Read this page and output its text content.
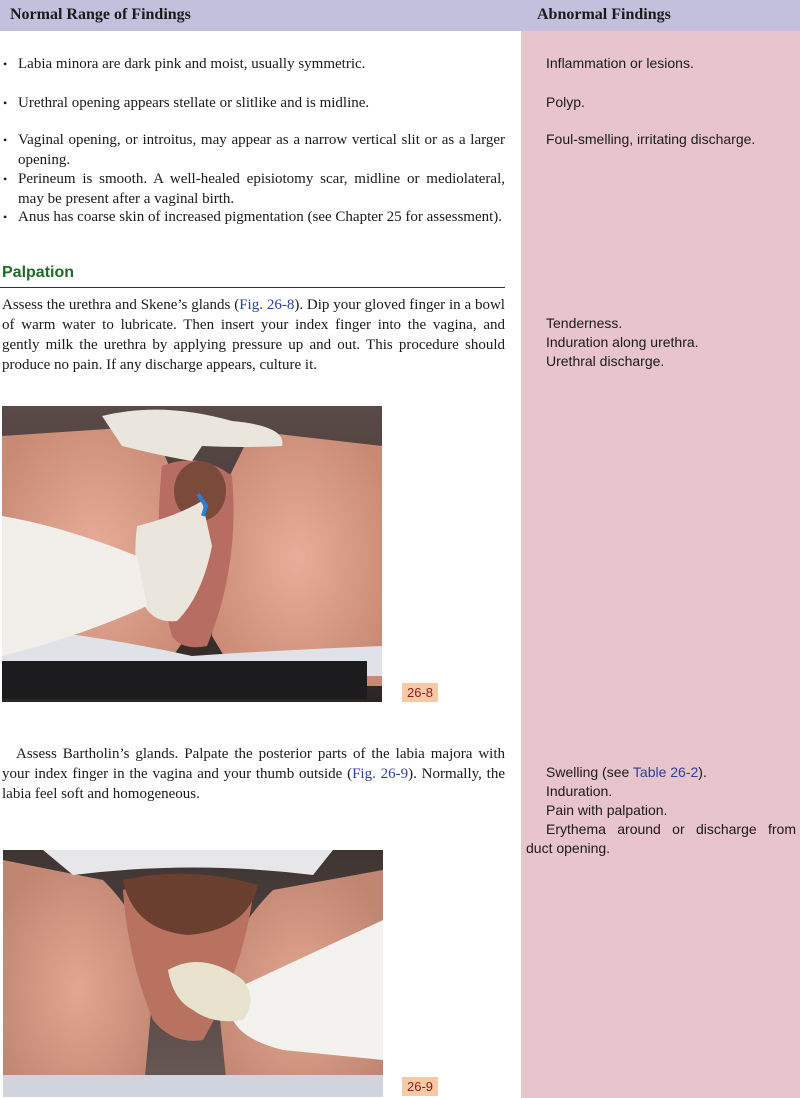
Normal Range of Findings	Abnormal Findings
• Labia minora are dark pink and moist, usually symmetric.
• Urethral opening appears stellate or slitlike and is midline.
• Vaginal opening, or introitus, may appear as a narrow vertical slit or as a larger opening.
• Perineum is smooth. A well-healed episiotomy scar, midline or mediolateral, may be present after a vaginal birth.
• Anus has coarse skin of increased pigmentation (see Chapter 25 for assessment).
Inflammation or lesions.
Polyp.
Foul-smelling, irritating discharge.
Palpation
Assess the urethra and Skene’s glands (Fig. 26-8). Dip your gloved finger in a bowl of warm water to lubricate. Then insert your index finger into the vagina, and gently milk the urethra by applying pressure up and out. This procedure should produce no pain. If any discharge appears, culture it.
Tenderness.
Induration along urethra.
Urethral discharge.
26-8
Assess Bartholin’s glands. Palpate the posterior parts of the labia majora with your index finger in the vagina and your thumb outside (Fig. 26-9). Normally, the labia feel soft and homogeneous.
Swelling (see Table 26-2).
Induration.
Pain with palpation.
Erythema around or discharge from duct opening.
26-9
